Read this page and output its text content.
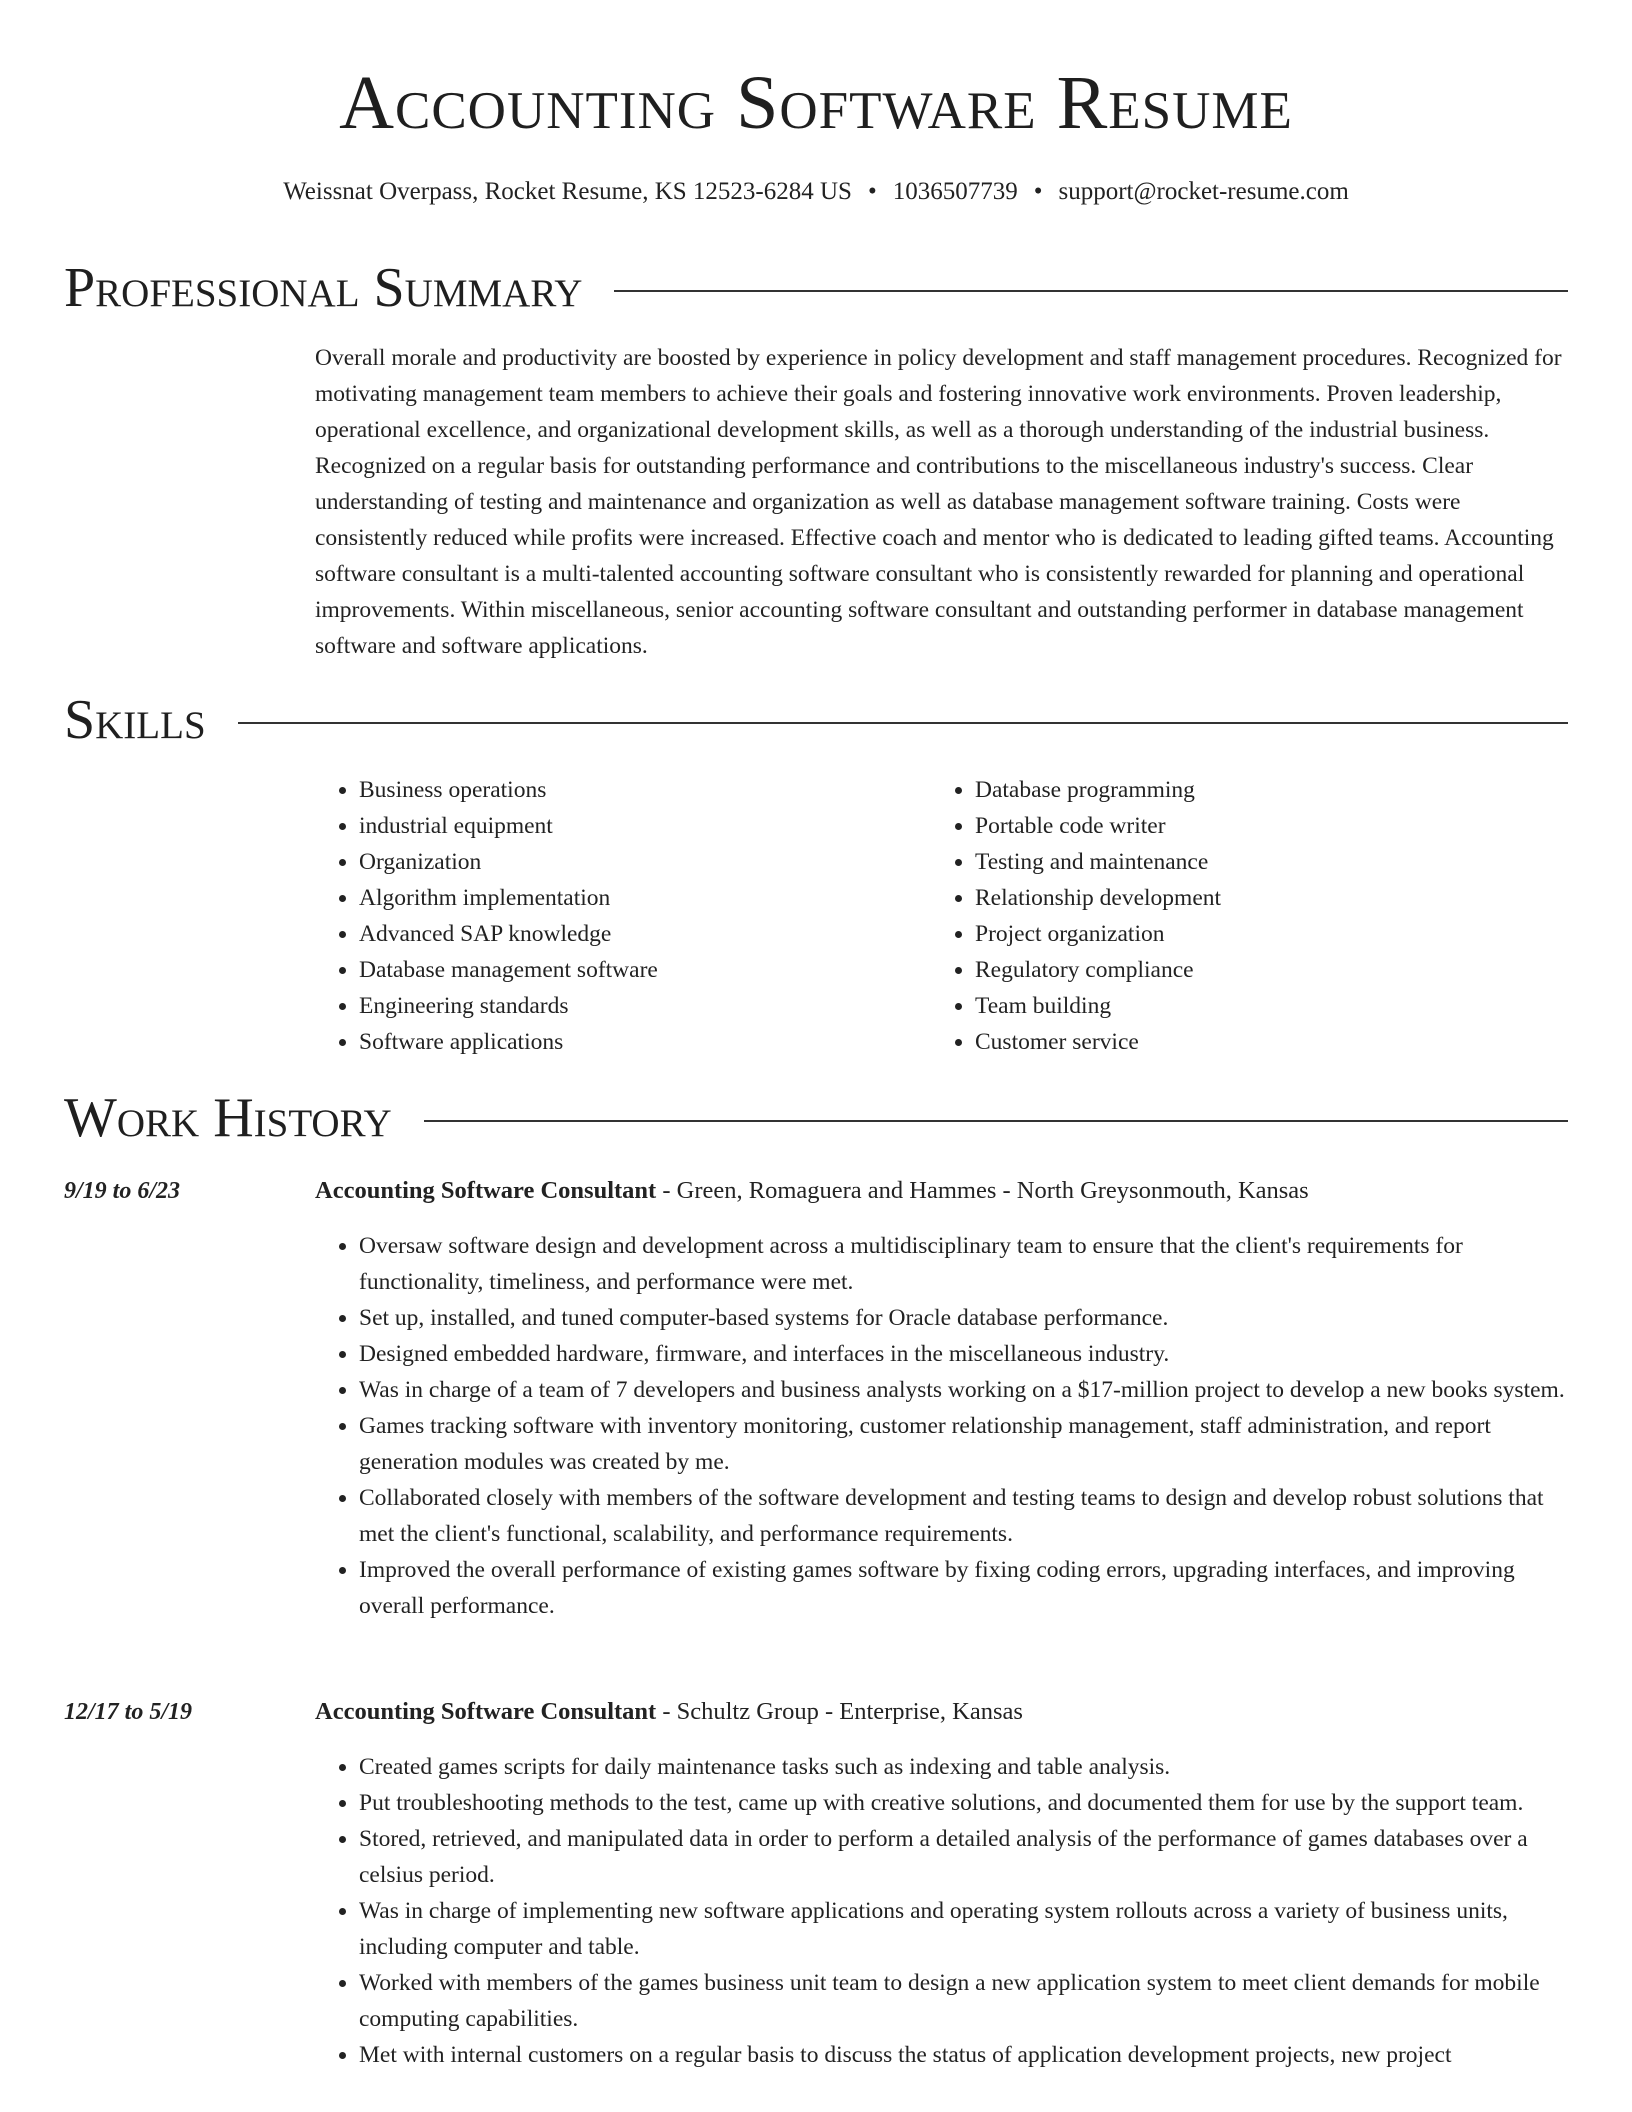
Accounting Software Resume
Weissnat Overpass, Rocket Resume, KS 12523-6284 US • 1036507739 • support@rocket-resume.com
Professional Summary

Overall morale and productivity are boosted by experience in policy development and staff management procedures. Recognized for motivating management team members to achieve their goals and fostering innovative work environments. Proven leadership, operational excellence, and organizational development skills, as well as a thorough understanding of the industrial business. Recognized on a regular basis for outstanding performance and contributions to the miscellaneous industry's success. Clear understanding of testing and maintenance and organization as well as database management software training. Costs were consistently reduced while profits were increased. Effective coach and mentor who is dedicated to leading gifted teams. Accounting software consultant is a multi-talented accounting software consultant who is consistently rewarded for planning and operational improvements. Within miscellaneous, senior accounting software consultant and outstanding performer in database management software and software applications.

Skills
• Business operations
• industrial equipment
• Organization
• Algorithm implementation
• Advanced SAP knowledge
• Database management software
• Engineering standards
• Software applications
• Database programming
• Portable code writer
• Testing and maintenance
• Relationship development
• Project organization
• Regulatory compliance
• Team building
• Customer service
Work History
9/19 to 6/23	Accounting Software Consultant - Green, Romaguera and Hammes - North Greysonmouth, Kansas
• Oversaw software design and development across a multidisciplinary team to ensure that the client's requirements for functionality, timeliness, and performance were met.
• Set up, installed, and tuned computer-based systems for Oracle database performance.
• Designed embedded hardware, firmware, and interfaces in the miscellaneous industry.
• Was in charge of a team of 7 developers and business analysts working on a $17-million project to develop a new books system.
• Games tracking software with inventory monitoring, customer relationship management, staff administration, and report generation modules was created by me.
• Collaborated closely with members of the software development and testing teams to design and develop robust solutions that met the client's functional, scalability, and performance requirements.
• Improved the overall performance of existing games software by fixing coding errors, upgrading interfaces, and improving overall performance.
12/17 to 5/19	Accounting Software Consultant - Schultz Group - Enterprise, Kansas
• Created games scripts for daily maintenance tasks such as indexing and table analysis.
• Put troubleshooting methods to the test, came up with creative solutions, and documented them for use by the support team.
• Stored, retrieved, and manipulated data in order to perform a detailed analysis of the performance of games databases over a celsius period.
• Was in charge of implementing new software applications and operating system rollouts across a variety of business units, including computer and table.
• Worked with members of the games business unit team to design a new application system to meet client demands for mobile computing capabilities.
• Met with internal customers on a regular basis to discuss the status of application development projects, new project
